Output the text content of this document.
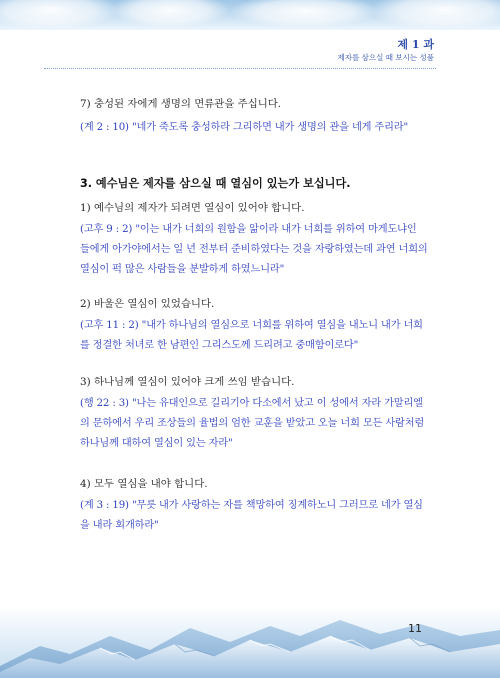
제 1 과
제자를 삼으실 때 보시는 성품

7) 충성된 자에게 생명의 면류관을 주십니다.

(계 2 : 10) "네가 죽도록 충성하라 그리하면 내가 생명의 관을 네게 주리라"

3. 예수님은 제자를 삼으실 때 열심이 있는가 보십니다.

1) 예수님의 제자가 되려면 열심이 있어야 합니다.

(고후 9 : 2) "이는 내가 너희의 원함을 앎이라 내가 너희를 위하여 마게도냐인
들에게 아가야에서는 일 년 전부터 준비하였다는 것을 자랑하였는데 과연 너희의
열심이 퍽 많은 사람들을 분발하게 하였느니라"

2) 바울은 열심이 있었습니다.

(고후 11 : 2) "내가 하나님의 열심으로 너희를 위하여 열심을 내노니 내가 너희
를 정결한 처녀로 한 남편인 그리스도께 드리려고 중매함이로다"

3) 하나님께 열심이 있어야 크게 쓰임 받습니다.

(행 22 : 3) "나는 유대인으로 길리기아 다소에서 났고 이 성에서 자라 가말리엘
의 문하에서 우리 조상들의 율법의 엄한 교훈을 받았고 오늘 너희 모든 사람처럼
하나님께 대하여 열심이 있는 자라"

4) 모두 열심을 내야 합니다.

(계 3 : 19) "무릇 내가 사랑하는 자를 책망하여 징계하노니 그러므로 네가 열심
을 내라 회개하라"

11
